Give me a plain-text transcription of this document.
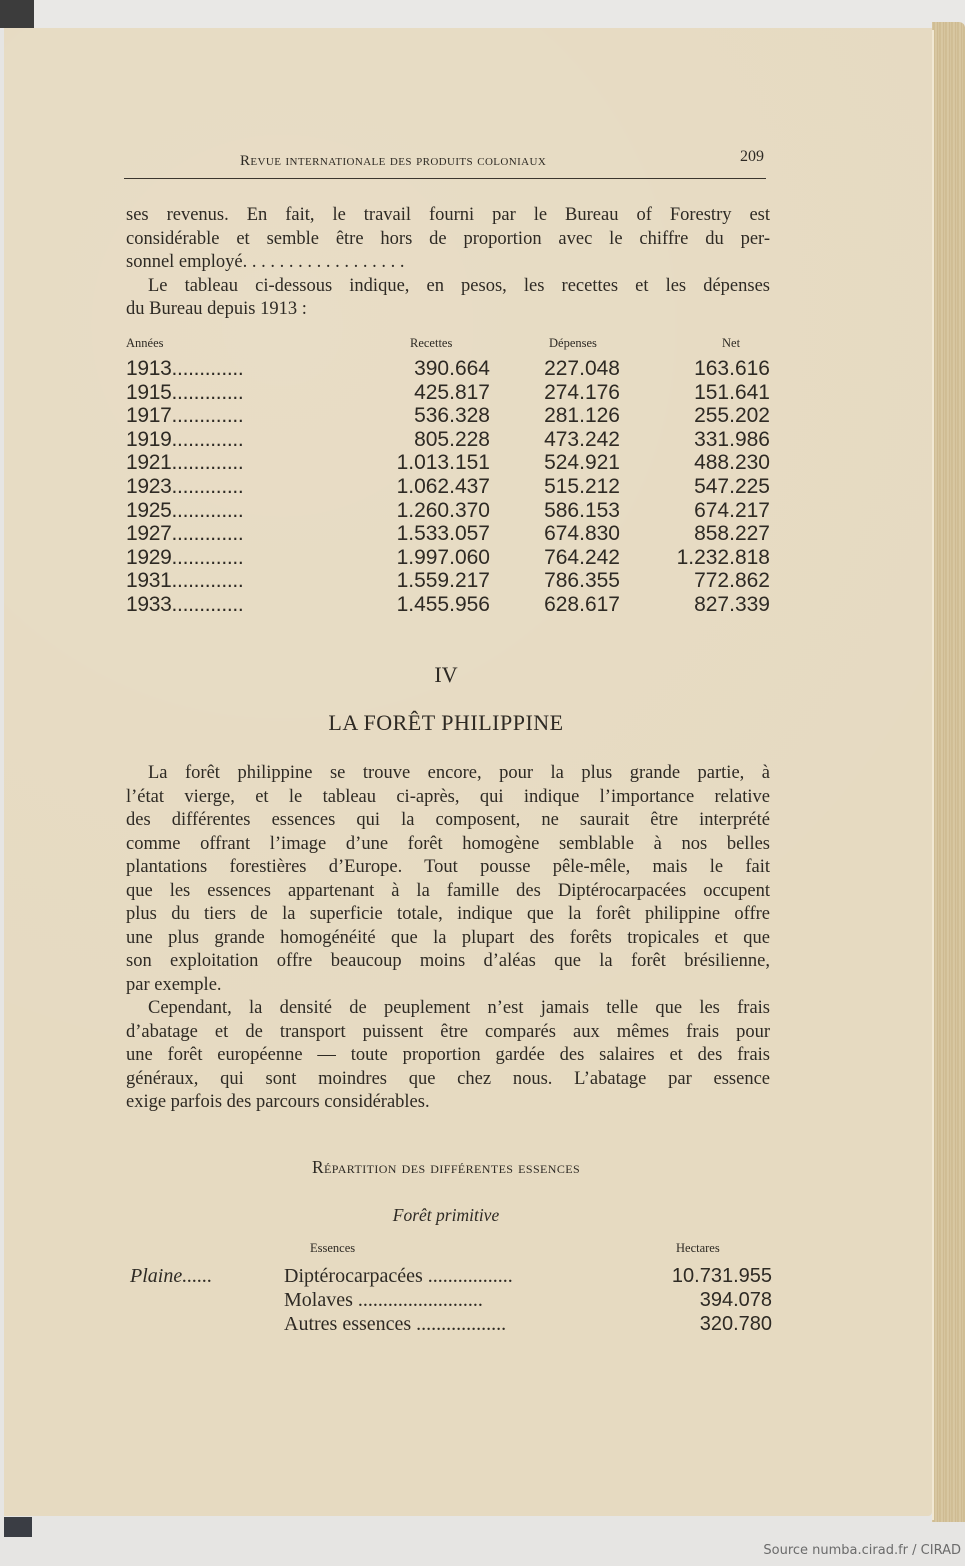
Revue internationale des produits coloniaux	209
ses revenus. En fait, le travail fourni par le Bureau of Forestry est
considérable et semble être hors de proportion avec le chiffre du per-
sonnel employé. . . . . . . . . . . . . . . . . .
Le tableau ci-dessous indique, en pesos, les recettes et les dépenses
du Bureau depuis 1913 :
Années	Recettes	Dépenses	Net
1913.............	390.664	227.048	163.616
1915.............	425.817	274.176	151.641
1917.............	536.328	281.126	255.202
1919.............	805.228	473.242	331.986
1921.............	1.013.151	524.921	488.230
1923.............	1.062.437	515.212	547.225
1925.............	1.260.370	586.153	674.217
1927.............	1.533.057	674.830	858.227
1929.............	1.997.060	764.242	1.232.818
1931.............	1.559.217	786.355	772.862
1933.............	1.455.956	628.617	827.339
IV
LA FORÊT PHILIPPINE
La forêt philippine se trouve encore, pour la plus grande partie, à
l’état vierge, et le tableau ci-après, qui indique l’importance relative
des différentes essences qui la composent, ne saurait être interprété
comme offrant l’image d’une forêt homogène semblable à nos belles
plantations forestières d’Europe. Tout pousse pêle-mêle, mais le fait
que les essences appartenant à la famille des Diptérocarpacées occupent
plus du tiers de la superficie totale, indique que la forêt philippine offre
une plus grande homogénéité que la plupart des forêts tropicales et que
son exploitation offre beaucoup moins d’aléas que la forêt brésilienne,
par exemple.
Cependant, la densité de peuplement n’est jamais telle que les frais
d’abatage et de transport puissent être comparés aux mêmes frais pour
une forêt européenne — toute proportion gardée des salaires et des frais
généraux, qui sont moindres que chez nous. L’abatage par essence
exige parfois des parcours considérables.
Répartition des différentes essences
Forêt primitive
Essences	Hectares
Plaine......	Diptérocarpacées .................	10.731.955
Molaves .........................	394.078
Autres essences ..................	320.780
Source numba.cirad.fr / CIRAD
